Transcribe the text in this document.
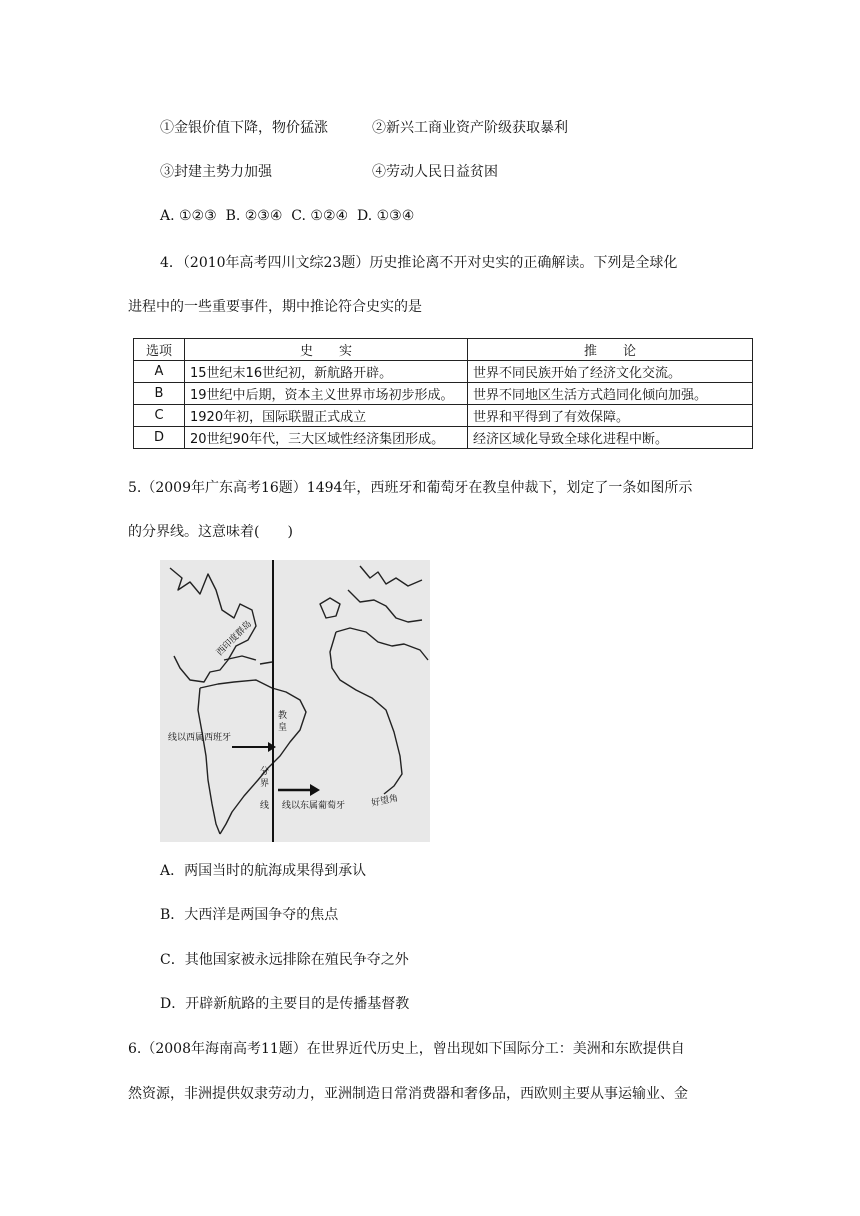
①金银价值下降，物价猛涨	②新兴工商业资产阶级获取暴利
③封建主势力加强	④劳动人民日益贫困
A. ①②③  B. ②③④  C. ①②④  D. ①③④
4．（2010年高考四川文综23题）历史推论离不开对史实的正确解读。下列是全球化
进程中的一些重要事件，期中推论符合史实的是
选项	史　　实	推　　论
A	15世纪末16世纪初，新航路开辟。	世界不同民族开始了经济文化交流。
B	19世纪中后期，资本主义世界市场初步形成。	世界不同地区生活方式趋同化倾向加强。
C	1920年初，国际联盟正式成立	世界和平得到了有效保障。
D	20世纪90年代，三大区域性经济集团形成。	经济区域化导致全球化进程中断。
5.（2009年广东高考16题）1494年，西班牙和葡萄牙在教皇仲裁下，划定了一条如图所示
的分界线。这意味着(　　)
西印度群岛
线以西属西班牙
教
皇
分
界
线 线以东属葡萄牙	好望角
A．两国当时的航海成果得到承认
B．大西洋是两国争夺的焦点
C．其他国家被永远排除在殖民争夺之外
D．开辟新航路的主要目的是传播基督教
6.（2008年海南高考11题）在世界近代历史上，曾出现如下国际分工：美洲和东欧提供自
然资源，非洲提供奴隶劳动力，亚洲制造日常消费器和奢侈品，西欧则主要从事运输业、金
